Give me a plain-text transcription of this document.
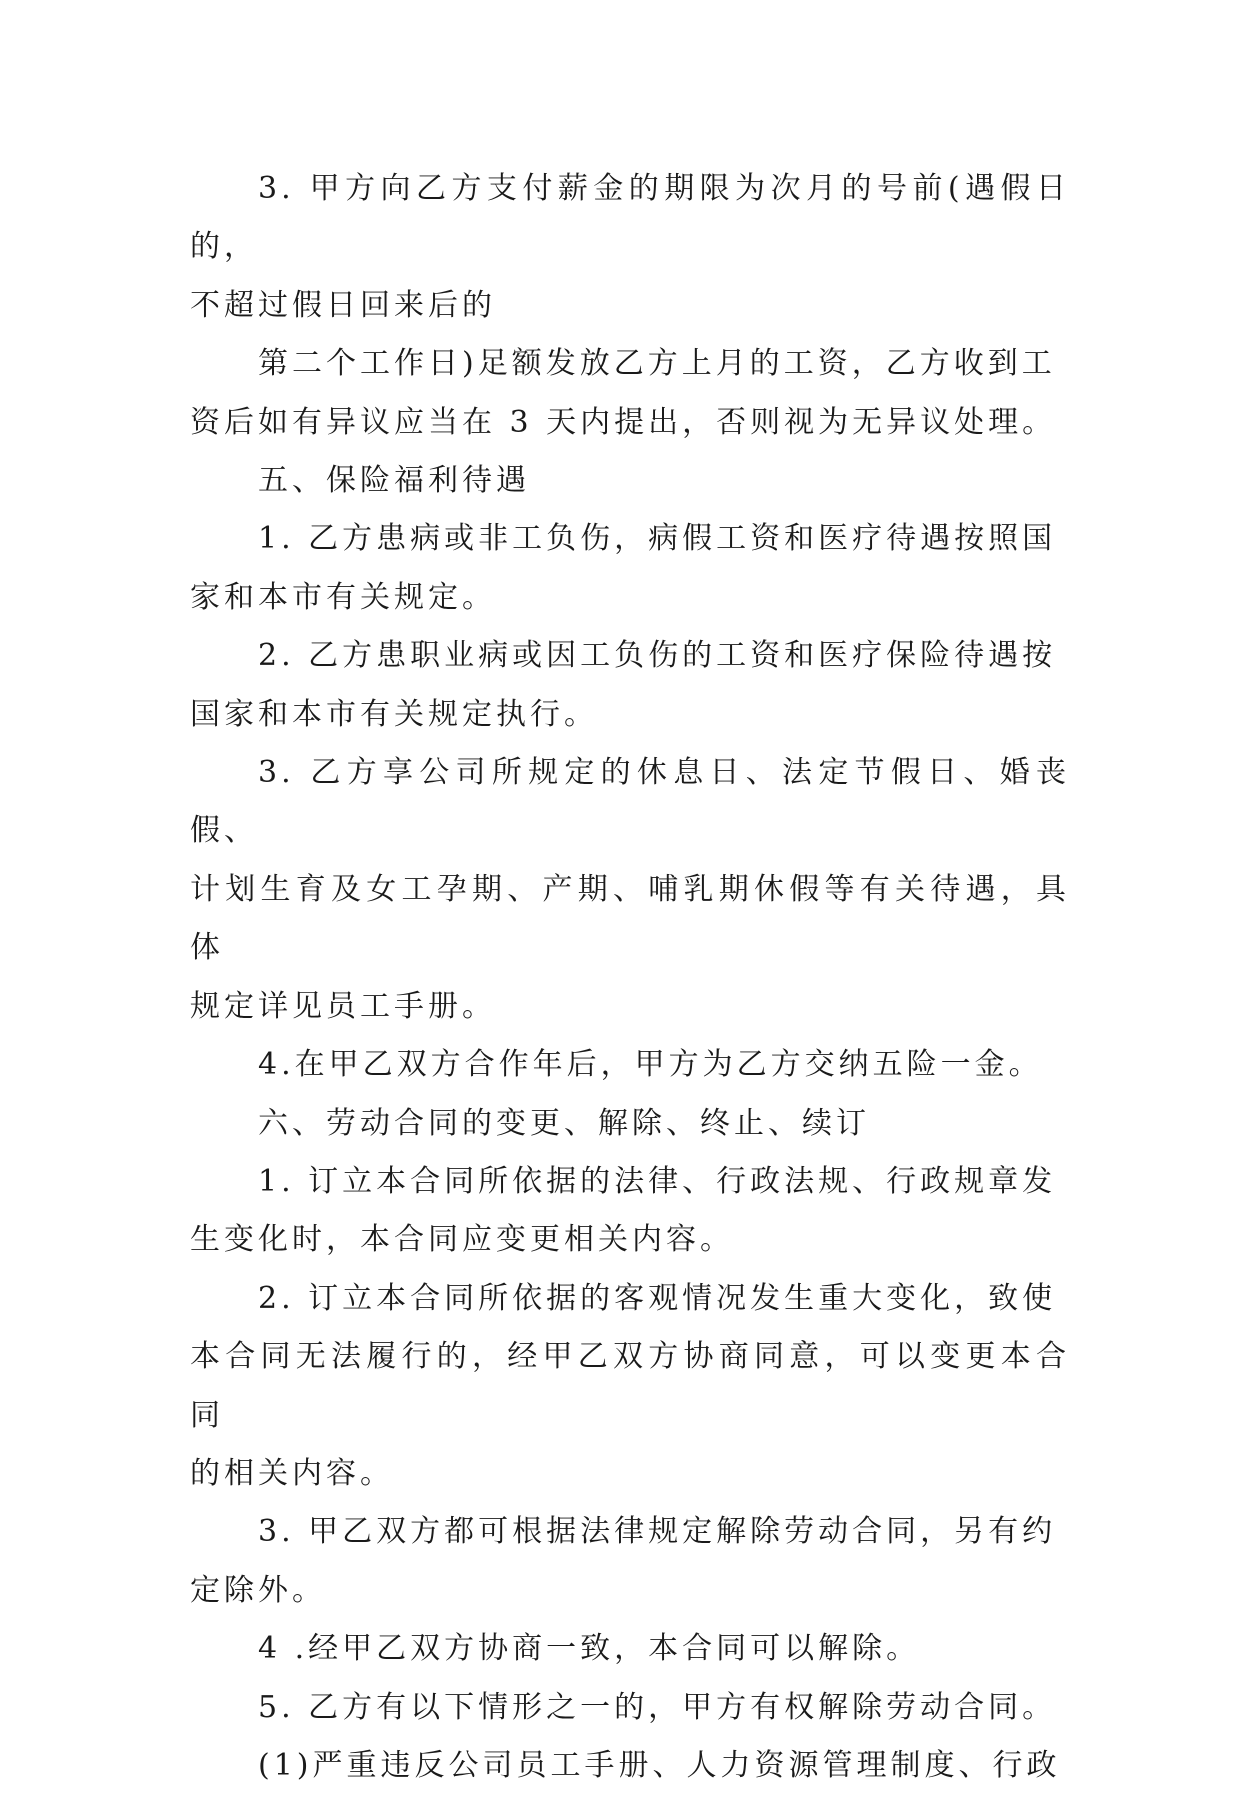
3. 甲方向乙方支付薪金的期限为次月的号前(遇假日的，
不超过假日回来后的

第二个工作日)足额发放乙方上月的工资，乙方收到工
资后如有异议应当在 3 天内提出，否则视为无异议处理。

五、保险福利待遇

1. 乙方患病或非工负伤，病假工资和医疗待遇按照国
家和本市有关规定。

2. 乙方患职业病或因工负伤的工资和医疗保险待遇按
国家和本市有关规定执行。

3. 乙方享公司所规定的休息日、法定节假日、婚丧假、
计划生育及女工孕期、产期、哺乳期休假等有关待遇，具体
规定详见员工手册。

4.在甲乙双方合作年后，甲方为乙方交纳五险一金。

六、劳动合同的变更、解除、终止、续订

1. 订立本合同所依据的法律、行政法规、行政规章发
生变化时，本合同应变更相关内容。

2. 订立本合同所依据的客观情况发生重大变化，致使
本合同无法履行的，经甲乙双方协商同意，可以变更本合同
的相关内容。

3. 甲乙双方都可根据法律规定解除劳动合同，另有约
定除外。

4 .经甲乙双方协商一致，本合同可以解除。

5. 乙方有以下情形之一的，甲方有权解除劳动合同。

(1)严重违反公司员工手册、人力资源管理制度、行政
